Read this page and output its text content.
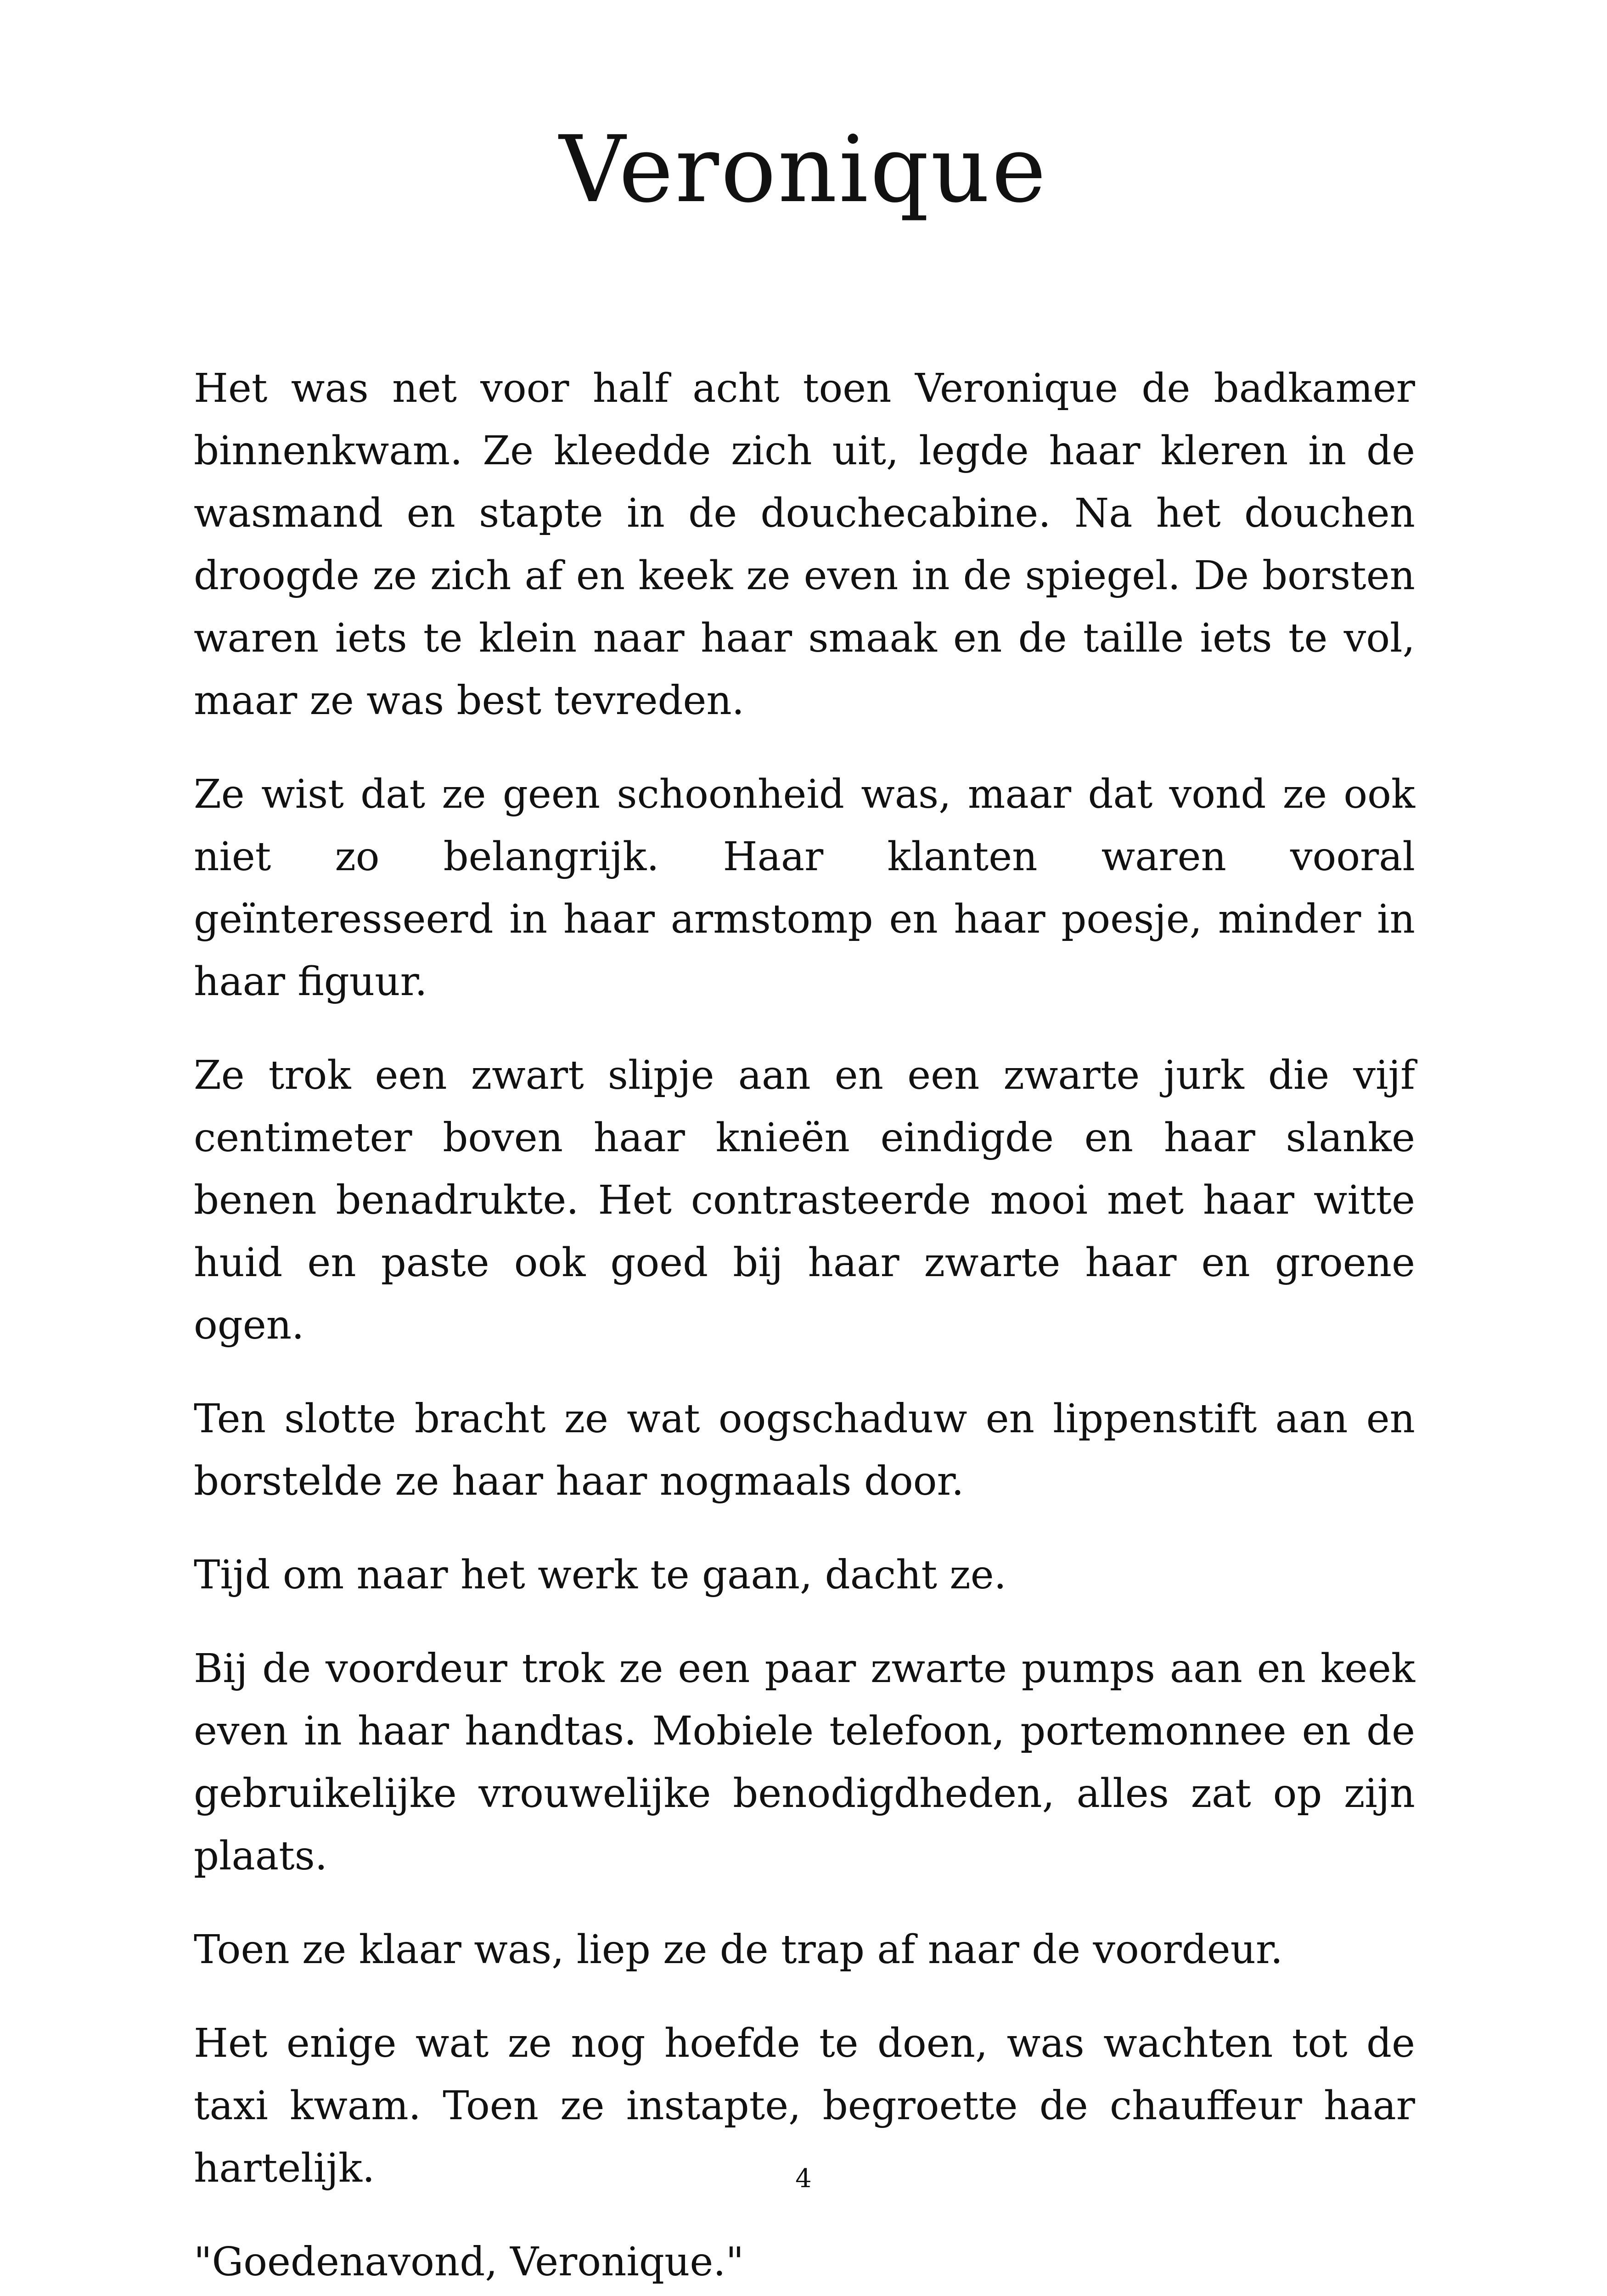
Veronique

Het was net voor half acht toen Veronique de badkamer binnenkwam. Ze kleedde zich uit, legde haar kleren in de wasmand en stapte in de douchecabine. Na het douchen droogde ze zich af en keek ze even in de spiegel. De borsten waren iets te klein naar haar smaak en de taille iets te vol, maar ze was best tevreden.

Ze wist dat ze geen schoonheid was, maar dat vond ze ook niet zo belangrijk. Haar klanten waren vooral geïnteresseerd in haar armstomp en haar poesje, minder in haar figuur.

Ze trok een zwart slipje aan en een zwarte jurk die vijf centimeter boven haar knieën eindigde en haar slanke benen benadrukte. Het contrasteerde mooi met haar witte huid en paste ook goed bij haar zwarte haar en groene ogen.

Ten slotte bracht ze wat oogschaduw en lippenstift aan en borstelde ze haar haar nogmaals door.

Tijd om naar het werk te gaan, dacht ze.

Bij de voordeur trok ze een paar zwarte pumps aan en keek even in haar handtas. Mobiele telefoon, portemonnee en de gebruikelijke vrouwelijke benodigdheden, alles zat op zijn plaats.

Toen ze klaar was, liep ze de trap af naar de voordeur.

Het enige wat ze nog hoefde te doen, was wachten tot de taxi kwam. Toen ze instapte, begroette de chauffeur haar hartelijk.

"Goedenavond, Veronique."

4
